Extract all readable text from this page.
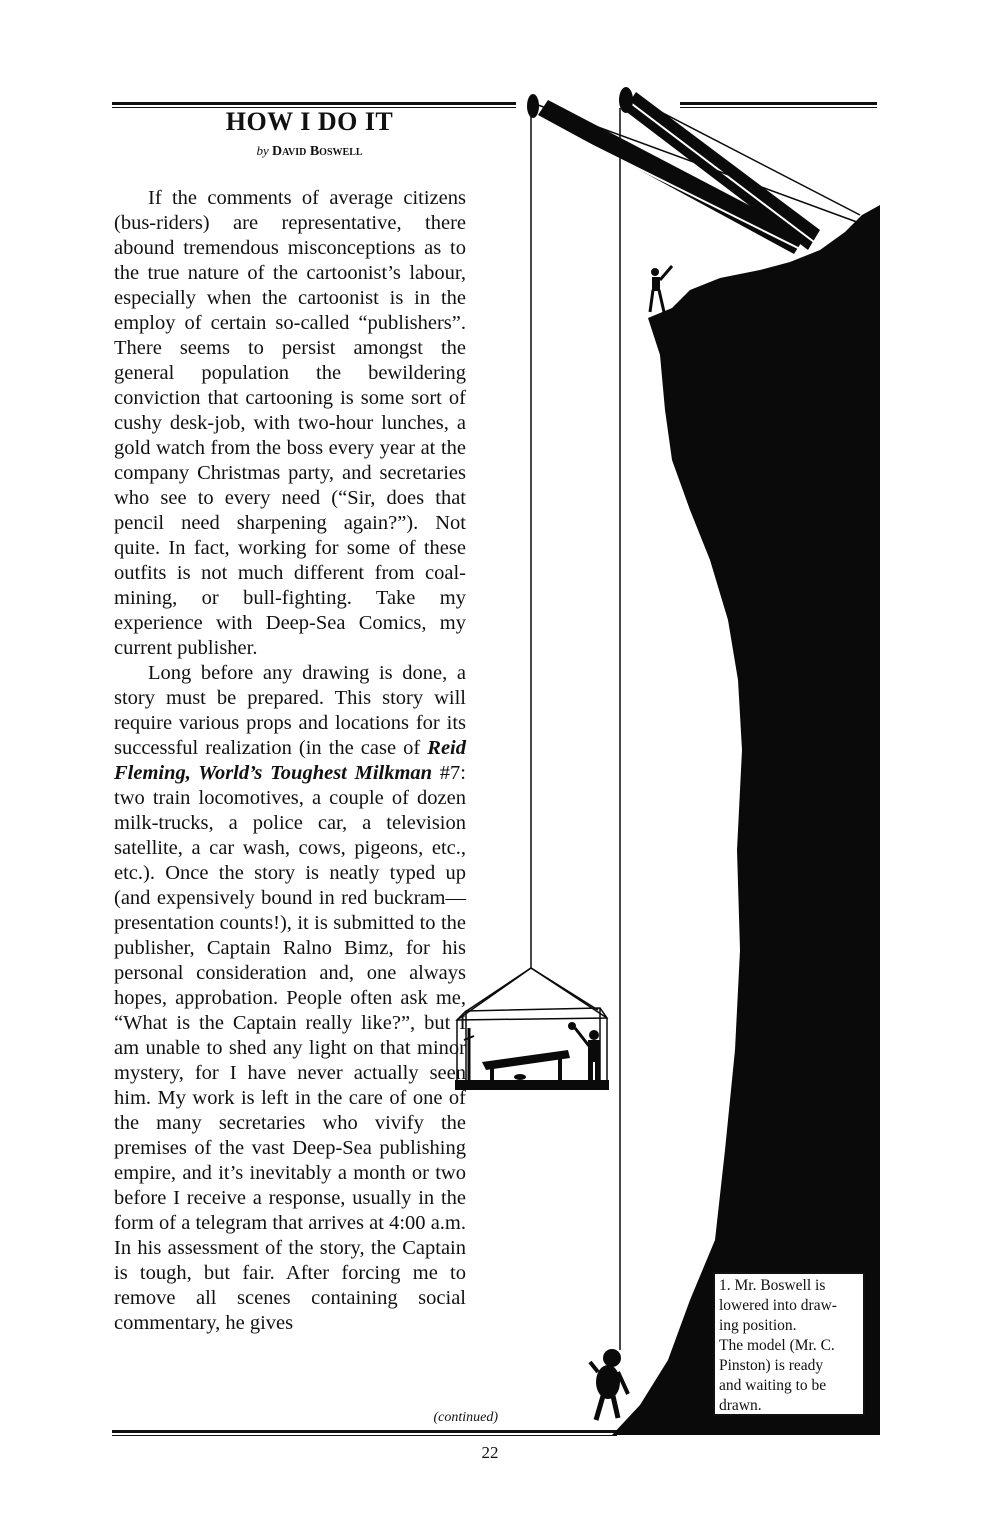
HOW I DO IT
by David Boswell

If the comments of average citizens (bus-riders) are representative, there abound tremendous misconceptions as to the true nature of the cartoonist’s labour, especially when the cartoonist is in the employ of certain so-called “publishers”. There seems to persist amongst the general population the bewildering conviction that cartooning is some sort of cushy desk-job, with two-hour lunches, a gold watch from the boss every year at the company Christmas party, and secretaries who see to every need (“Sir, does that pencil need sharpening again?”). Not quite. In fact, working for some of these outfits is not much different from coal-mining, or bull-fighting. Take my experience with Deep-Sea Comics, my current publisher.

Long before any drawing is done, a story must be prepared. This story will require various props and locations for its successful realization (in the case of Reid Fleming, World’s Toughest Milkman #7: two train locomotives, a couple of dozen milk-trucks, a police car, a television satellite, a car wash, cows, pigeons, etc., etc.). Once the story is neatly typed up (and expensively bound in red buckram—presentation counts!), it is submitted to the publisher, Captain Ralno Bimz, for his personal consideration and, one always hopes, approbation. People often ask me, “What is the Captain really like?”, but I am unable to shed any light on that minor mystery, for I have never actually seen him. My work is left in the care of one of the many secretaries who vivify the premises of the vast Deep-Sea publishing empire, and it’s inevitably a month or two before I receive a response, usually in the form of a telegram that arrives at 4:00 a.m. In his assessment of the story, the Captain is tough, but fair. After forcing me to remove all scenes containing social commentary, he gives

(continued)
1. Mr. Boswell is
lowered into draw-
ing position.
The model (Mr. C.
Pinston) is ready
and waiting to be
drawn.
22
